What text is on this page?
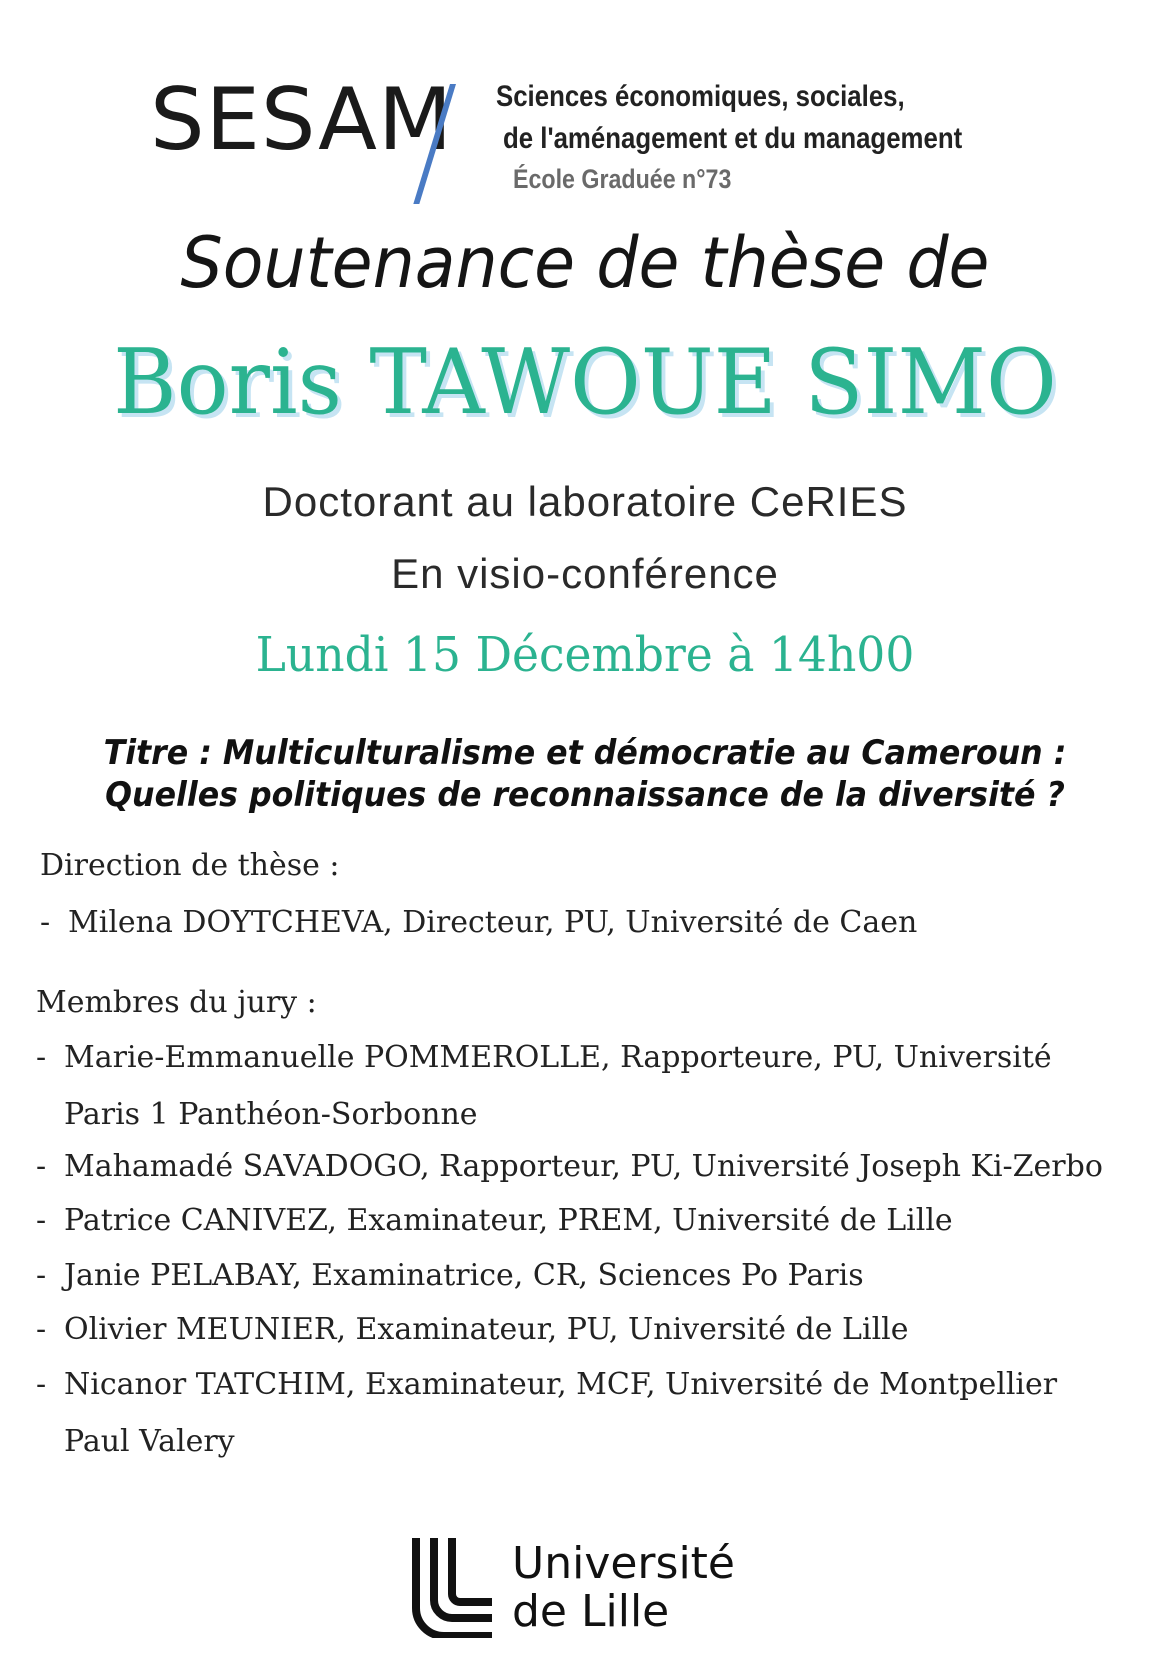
SESAM Sciences économiques, sociales,
de l'aménagement et du management
École Graduée n°73
Soutenance de thèse de
Boris TAWOUE SIMO
Doctorant au laboratoire CeRIES
En visio-conférence
Lundi 15 Décembre à 14h00
Titre : Multiculturalisme et démocratie au Cameroun :
Quelles politiques de reconnaissance de la diversité ?
Direction de thèse :
- Milena DOYTCHEVA, Directeur, PU, Université de Caen
Membres du jury :
- Marie-Emmanuelle POMMEROLLE, Rapporteure, PU, Université
Paris 1 Panthéon-Sorbonne
- Mahamadé SAVADOGO, Rapporteur, PU, Université Joseph Ki-Zerbo
- Patrice CANIVEZ, Examinateur, PREM, Université de Lille
- Janie PELABAY, Examinatrice, CR, Sciences Po Paris
- Olivier MEUNIER, Examinateur, PU, Université de Lille
- Nicanor TATCHIM, Examinateur, MCF, Université de Montpellier
Paul Valery
Université
de Lille
